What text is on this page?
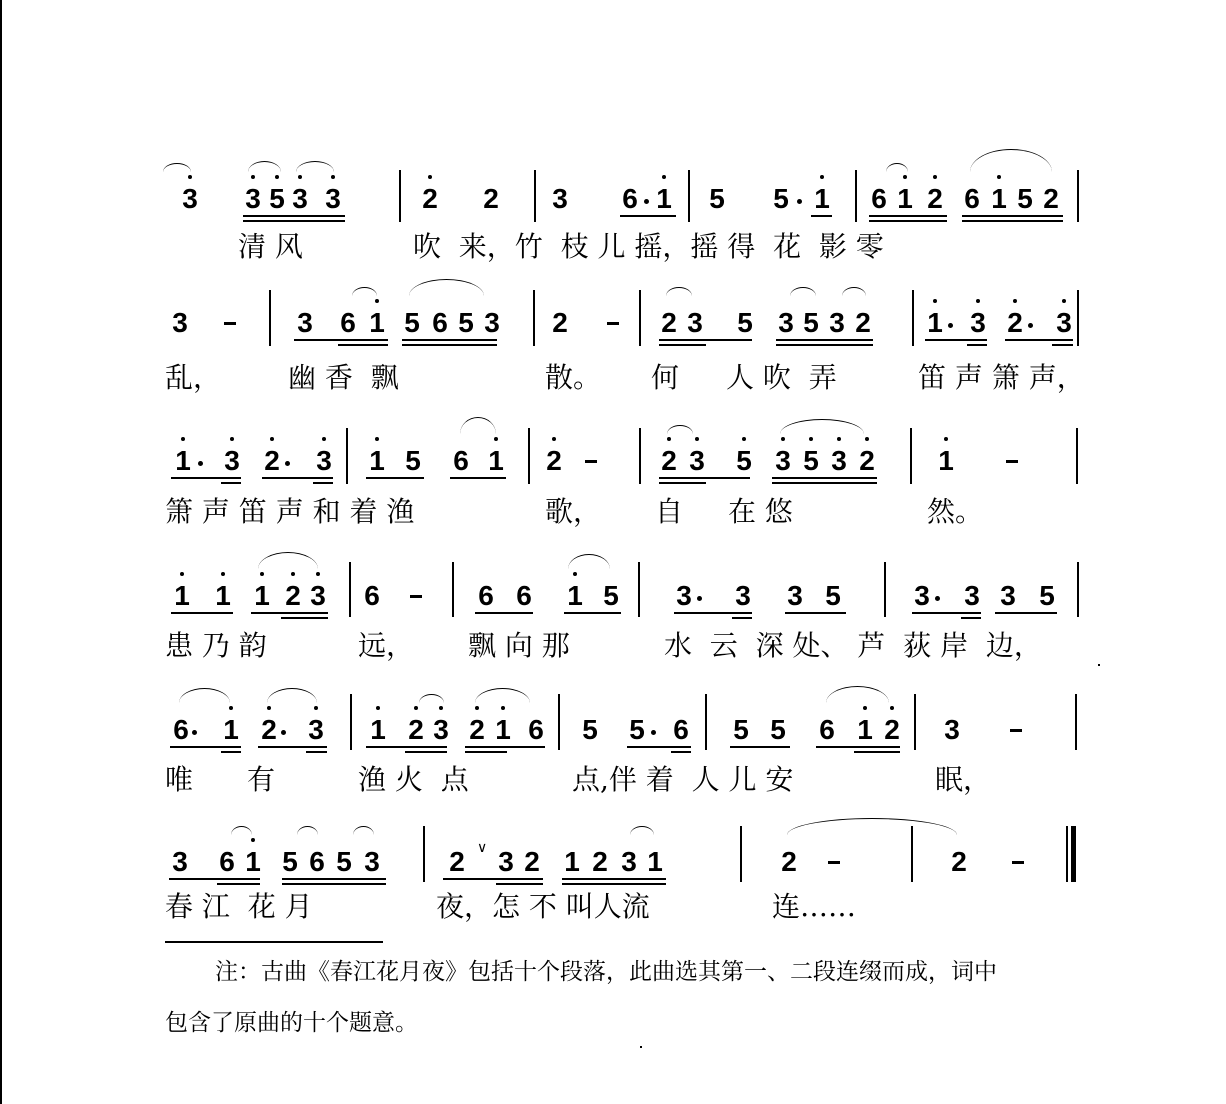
3 3 5 3 3	2 2 3 6 1 5 5 1 6 1 2 6 1 5 2
清 风	吹  来，竹  枝 儿 摇，摇 得  花  影 零
3	3 6 1 5 6 5 3 2	2 3 5 3 5 3 2 1 3 2 3
乱， 幽 香  飘	散。 何 人 吹  弄	笛 声 箫 声，
1 3 2 3 1 5 6 1 2	2 3 5 3 5 3 2 1
箫 声 笛 声 和 着 渔	歌， 自 在 悠	然。
1 1 1 2 3 6	6 6 1 5 3 3 3 5	3 3 3 5
患 乃 韵	远， 飘 向 那	水  云  深 处、 芦  荻 岸  边，
6 1 2 3 1 2 3 2 1 6 5 5 6 5 5 6 1 2 3
唯 有	渔 火  点	点,伴 着  人 儿 安	眠，
3 6 1 5 6 5 3 2 3 2 1 2 3 1	2	2
∨
春 江  花 月	夜，怎 不 叫人流	连……
注：古曲《春江花月夜》包括十个段落，此曲选其第一、二段连缀而成，词中
包含了原曲的十个题意。
